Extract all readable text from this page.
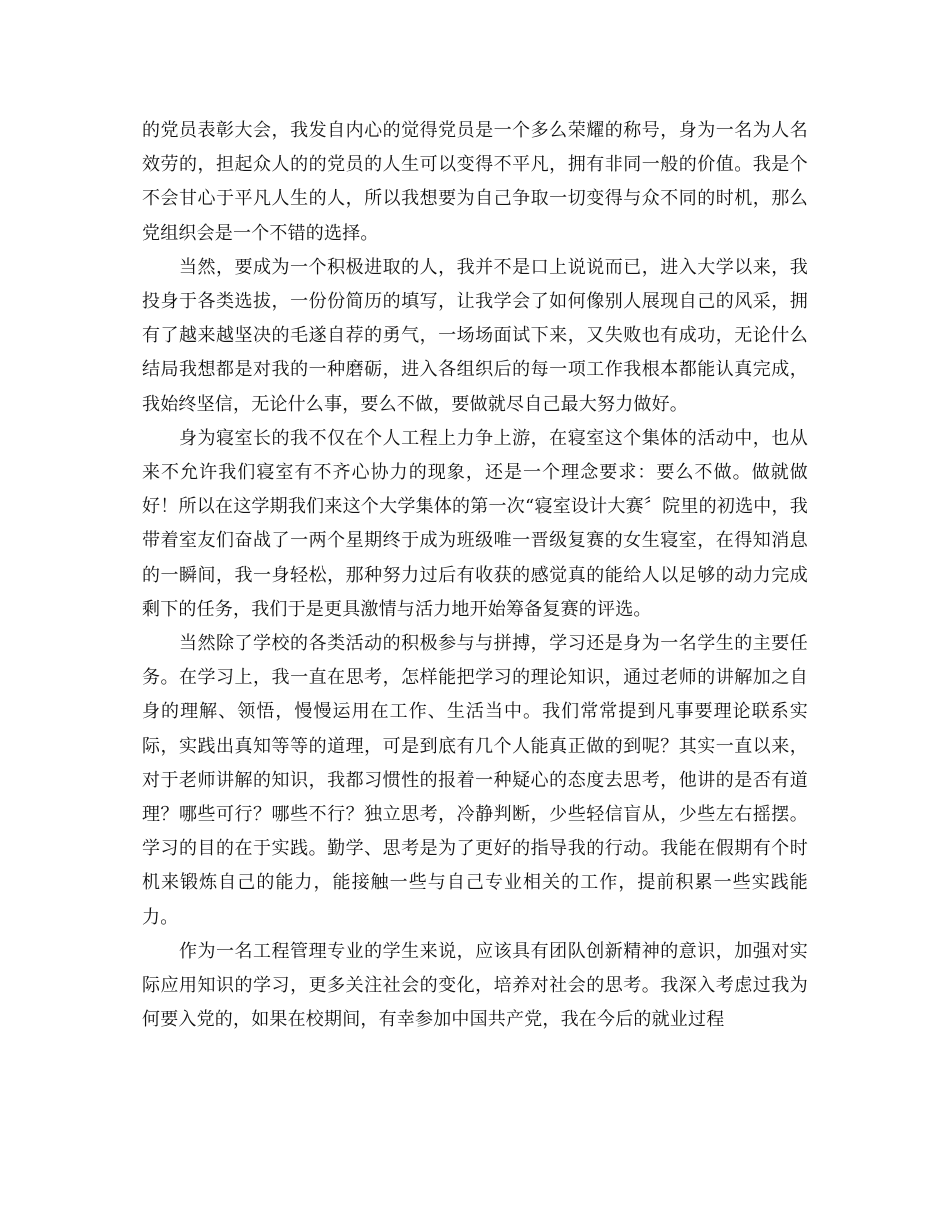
的党员表彰大会，我发自内心的觉得党员是一个多么荣耀的称号，身为一名为人名效劳的，担起众人的的党员的人生可以变得不平凡，拥有非同一般的价值。我是个不会甘心于平凡人生的人，所以我想要为自己争取一切变得与众不同的时机，那么党组织会是一个不错的选择。

当然，要成为一个积极进取的人，我并不是口上说说而已，进入大学以来，我投身于各类选拔，一份份简历的填写，让我学会了如何像别人展现自己的风采，拥有了越来越坚决的毛遂自荐的勇气，一场场面试下来，又失败也有成功，无论什么结局我想都是对我的一种磨砺，进入各组织后的每一项工作我根本都能认真完成，我始终坚信，无论什么事，要么不做，要做就尽自己最大努力做好。

身为寝室长的我不仅在个人工程上力争上游，在寝室这个集体的活动中，也从来不允许我们寝室有不齐心协力的现象，还是一个理念要求：要么不做。做就做好！所以在这学期我们来这个大学集体的第一次“寝室设计大赛〞院里的初选中，我带着室友们奋战了一两个星期终于成为班级唯一晋级复赛的女生寝室，在得知消息的一瞬间，我一身轻松，那种努力过后有收获的感觉真的能给人以足够的动力完成剩下的任务，我们于是更具激情与活力地开始筹备复赛的评选。

当然除了学校的各类活动的积极参与与拼搏，学习还是身为一名学生的主要任务。在学习上，我一直在思考，怎样能把学习的理论知识，通过老师的讲解加之自身的理解、领悟，慢慢运用在工作、生活当中。我们常常提到凡事要理论联系实际，实践出真知等等的道理，可是到底有几个人能真正做的到呢？其实一直以来，对于老师讲解的知识，我都习惯性的报着一种疑心的态度去思考，他讲的是否有道理？哪些可行？哪些不行？独立思考，冷静判断，少些轻信盲从，少些左右摇摆。学习的目的在于实践。勤学、思考是为了更好的指导我的行动。我能在假期有个时机来锻炼自己的能力，能接触一些与自己专业相关的工作，提前积累一些实践能力。

作为一名工程管理专业的学生来说，应该具有团队创新精神的意识，加强对实际应用知识的学习，更多关注社会的变化，培养对社会的思考。我深入考虑过我为何要入党的，如果在校期间，有幸参加中国共产党，我在今后的就业过程
